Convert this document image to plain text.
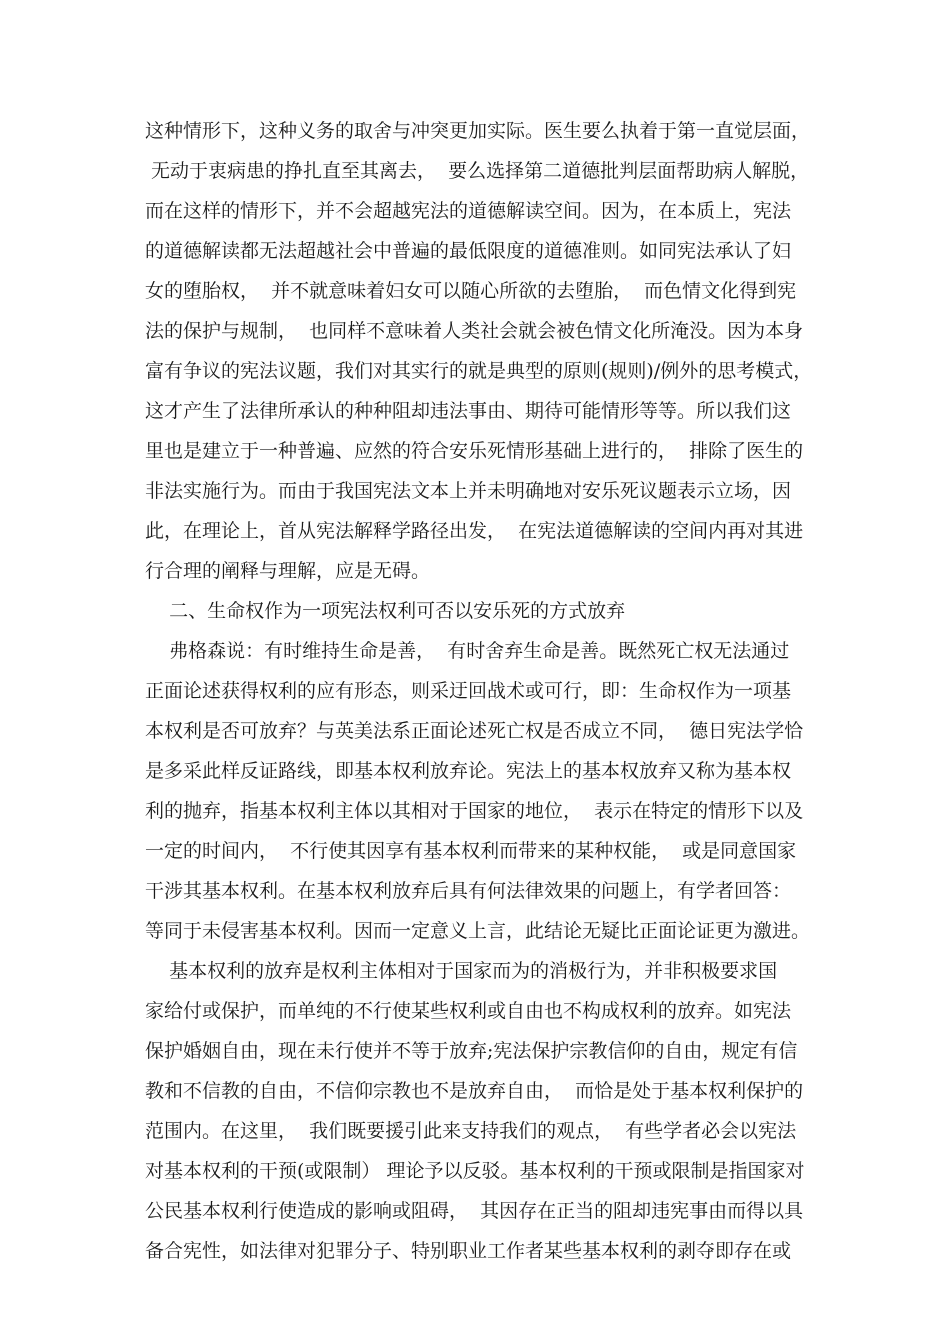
这种情形下，这种义务的取舍与冲突更加实际。医生要么执着于第一直觉层面，
无动于衷病患的挣扎直至其离去，  要么选择第二道德批判层面帮助病人解脱，
而在这样的情形下，并不会超越宪法的道德解读空间。因为，在本质上，宪法
的道德解读都无法超越社会中普遍的最低限度的道德准则。如同宪法承认了妇
女的堕胎权，  并不就意味着妇女可以随心所欲的去堕胎，  而色情文化得到宪
法的保护与规制，  也同样不意味着人类社会就会被色情文化所淹没。因为本身
富有争议的宪法议题，我们对其实行的就是典型的原则(规则)/例外的思考模式，
这才产生了法律所承认的种种阻却违法事由、期待可能情形等等。所以我们这
里也是建立于一种普遍、应然的符合安乐死情形基础上进行的，  排除了医生的
非法实施行为。而由于我国宪法文本上并未明确地对安乐死议题表示立场，因
此，在理论上，首从宪法解释学路径出发，  在宪法道德解读的空间内再对其进
行合理的阐释与理解，应是无碍。
二、生命权作为一项宪法权利可否以安乐死的方式放弃
弗格森说：有时维持生命是善，  有时舍弃生命是善。既然死亡权无法通过
正面论述获得权利的应有形态，则采迂回战术或可行，即：生命权作为一项基
本权利是否可放弃？与英美法系正面论述死亡权是否成立不同，  德日宪法学恰
是多采此样反证路线，即基本权利放弃论。宪法上的基本权放弃又称为基本权
利的抛弃，指基本权利主体以其相对于国家的地位，  表示在特定的情形下以及
一定的时间内，  不行使其因享有基本权利而带来的某种权能，  或是同意国家
干涉其基本权利。在基本权利放弃后具有何法律效果的问题上，有学者回答：
等同于未侵害基本权利。因而一定意义上言，此结论无疑比正面论证更为激进。
基本权利的放弃是权利主体相对于国家而为的消极行为，并非积极要求国
家给付或保护，而单纯的不行使某些权利或自由也不构成权利的放弃。如宪法
保护婚姻自由，现在未行使并不等于放弃;宪法保护宗教信仰的自由，规定有信
教和不信教的自由，不信仰宗教也不是放弃自由，  而恰是处于基本权利保护的
范围内。在这里，  我们既要援引此来支持我们的观点，  有些学者必会以宪法
对基本权利的干预(或限制） 理论予以反驳。基本权利的干预或限制是指国家对
公民基本权利行使造成的影响或阻碍，  其因存在正当的阻却违宪事由而得以具
备合宪性，如法律对犯罪分子、特别职业工作者某些基本权利的剥夺即存在或
